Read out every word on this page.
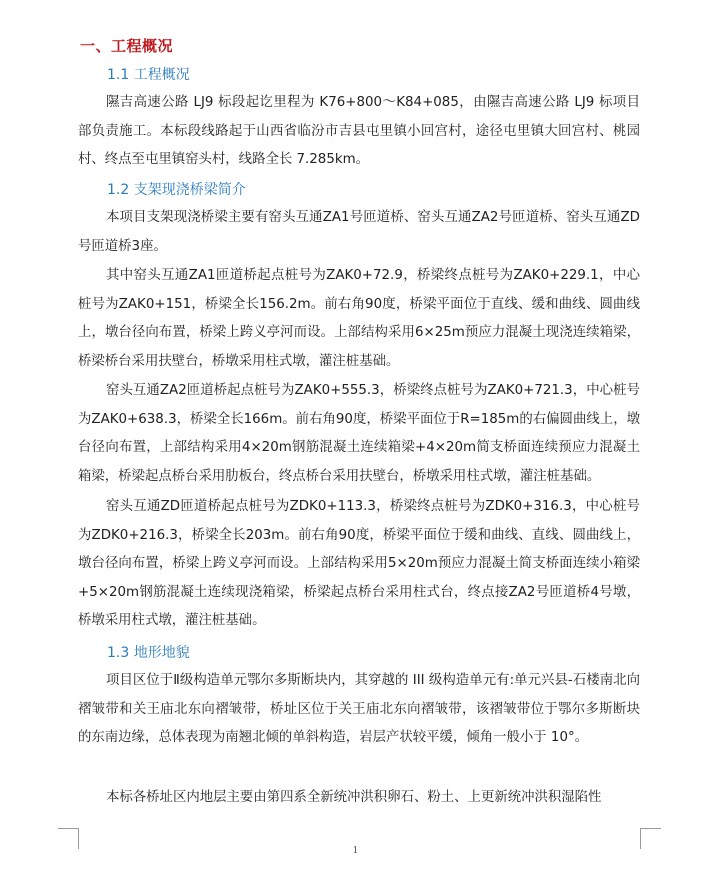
一、工程概况
1.1 工程概况
隰吉高速公路 LJ9 标段起讫里程为 K76+800～K84+085，由隰吉高速公路 LJ9 标项目部负责施工。本标段线路起于山西省临汾市吉县屯里镇小回宫村，途径屯里镇大回宫村、桃园村、终点至屯里镇窑头村，线路全长 7.285km。
1.2 支架现浇桥梁简介
本项目支架现浇桥梁主要有窑头互通ZA1号匝道桥、窑头互通ZA2号匝道桥、窑头互通ZD号匝道桥3座。
其中窑头互通ZA1匝道桥起点桩号为ZAK0+72.9，桥梁终点桩号为ZAK0+229.1，中心桩号为ZAK0+151，桥梁全长156.2m。前右角90度，桥梁平面位于直线、缓和曲线、圆曲线上，墩台径向布置，桥梁上跨义亭河而设。上部结构采用6×25m预应力混凝土现浇连续箱梁，桥梁桥台采用扶壁台，桥墩采用柱式墩，灌注桩基础。
窑头互通ZA2匝道桥起点桩号为ZAK0+555.3，桥梁终点桩号为ZAK0+721.3，中心桩号为ZAK0+638.3，桥梁全长166m。前右角90度，桥梁平面位于R=185m的右偏圆曲线上，墩台径向布置，上部结构采用4×20m钢筋混凝土连续箱梁+4×20m简支桥面连续预应力混凝土箱梁，桥梁起点桥台采用肋板台，终点桥台采用扶壁台，桥墩采用柱式墩，灌注桩基础。
窑头互通ZD匝道桥起点桩号为ZDK0+113.3，桥梁终点桩号为ZDK0+316.3，中心桩号为ZDK0+216.3，桥梁全长203m。前右角90度，桥梁平面位于缓和曲线、直线、圆曲线上，墩台径向布置，桥梁上跨义亭河而设。上部结构采用5×20m预应力混凝土简支桥面连续小箱梁+5×20m钢筋混凝土连续现浇箱梁，桥梁起点桥台采用柱式台，终点接ZA2号匝道桥4号墩，桥墩采用柱式墩，灌注桩基础。
1.3 地形地貌
项目区位于Ⅱ级构造单元鄂尔多斯断块内，其穿越的 III 级构造单元有:单元兴县-石楼南北向褶皱带和关王庙北东向褶皱带，桥址区位于关王庙北东向褶皱带，该褶皱带位于鄂尔多斯断块的东南边缘，总体表现为南翘北倾的单斜构造，岩层产状较平缓，倾角一般小于 10°。
本标各桥址区内地层主要由第四系全新统冲洪积卵石、粉土、上更新统冲洪积湿陷性
1
